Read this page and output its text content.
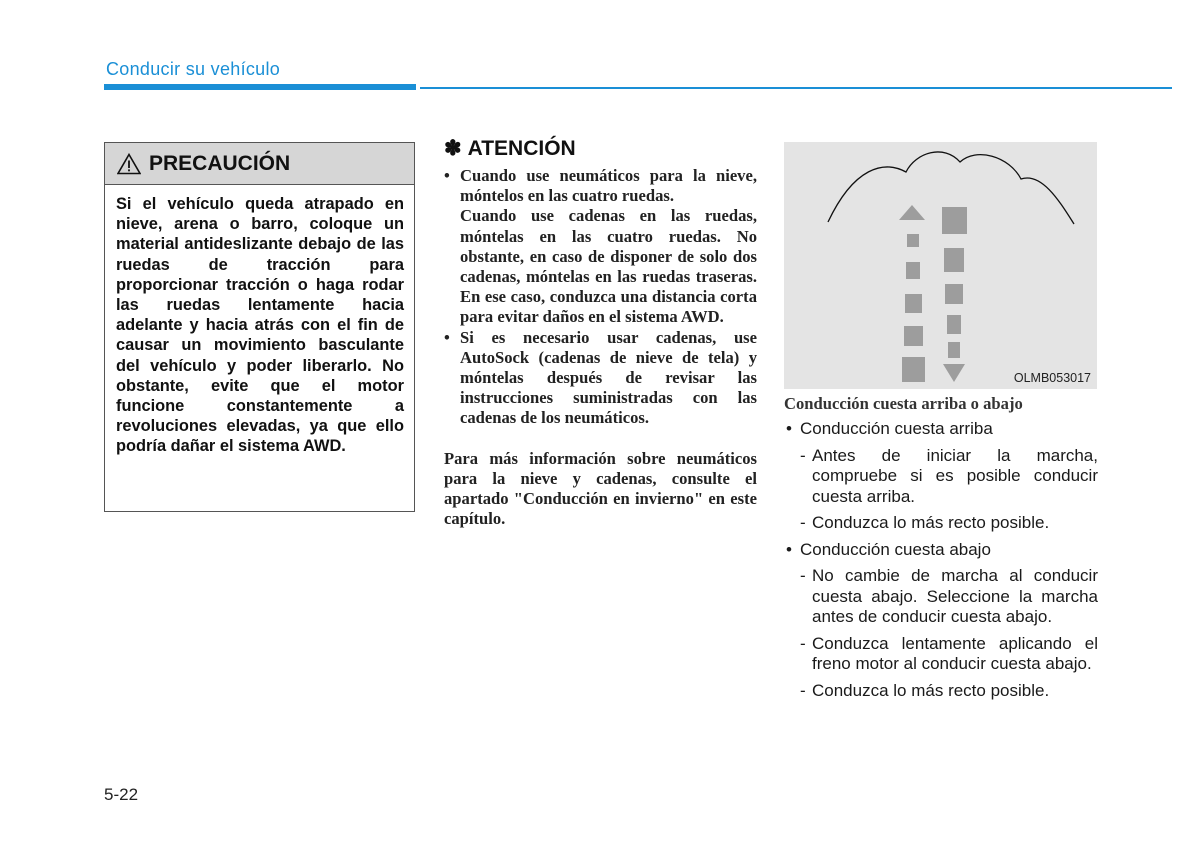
Conducir su vehículo
PRECAUCIÓN
Si el vehículo queda atrapado en nieve, arena o barro, coloque un material antideslizante debajo de las ruedas de tracción para proporcionar tracción o haga rodar las ruedas lentamente hacia adelante y hacia atrás con el fin de causar un movimiento basculante del vehículo y poder liberarlo. No obstante, evite que el motor funcione constantemente a revoluciones elevadas, ya que ello podría dañar el sistema AWD.
✽ ATENCIÓN
• Cuando use neumáticos para la nieve, móntelos en las cuatro ruedas.
Cuando use cadenas en las ruedas, móntelas en las cuatro ruedas. No obstante, en caso de disponer de solo dos cadenas, móntelas en las ruedas traseras. En ese caso, conduzca una distancia corta para evitar daños en el sistema AWD.
• Si es necesario usar cadenas, use AutoSock (cadenas de nieve de tela) y móntelas después de revisar las instrucciones suministradas con las cadenas de los neumáticos.
Para más información sobre neumáticos para la nieve y cadenas, consulte el apartado "Conducción en invierno" en este capítulo.
OLMB053017
Conducción cuesta arriba o abajo
• Conducción cuesta arriba
- Antes de iniciar la marcha, compruebe si es posible conducir cuesta arriba.
- Conduzca lo más recto posible.
• Conducción cuesta abajo
- No cambie de marcha al conducir cuesta abajo. Seleccione la marcha antes de conducir cuesta abajo.
- Conduzca lentamente aplicando el freno motor al conducir cuesta abajo.
- Conduzca lo más recto posible.
5-22
